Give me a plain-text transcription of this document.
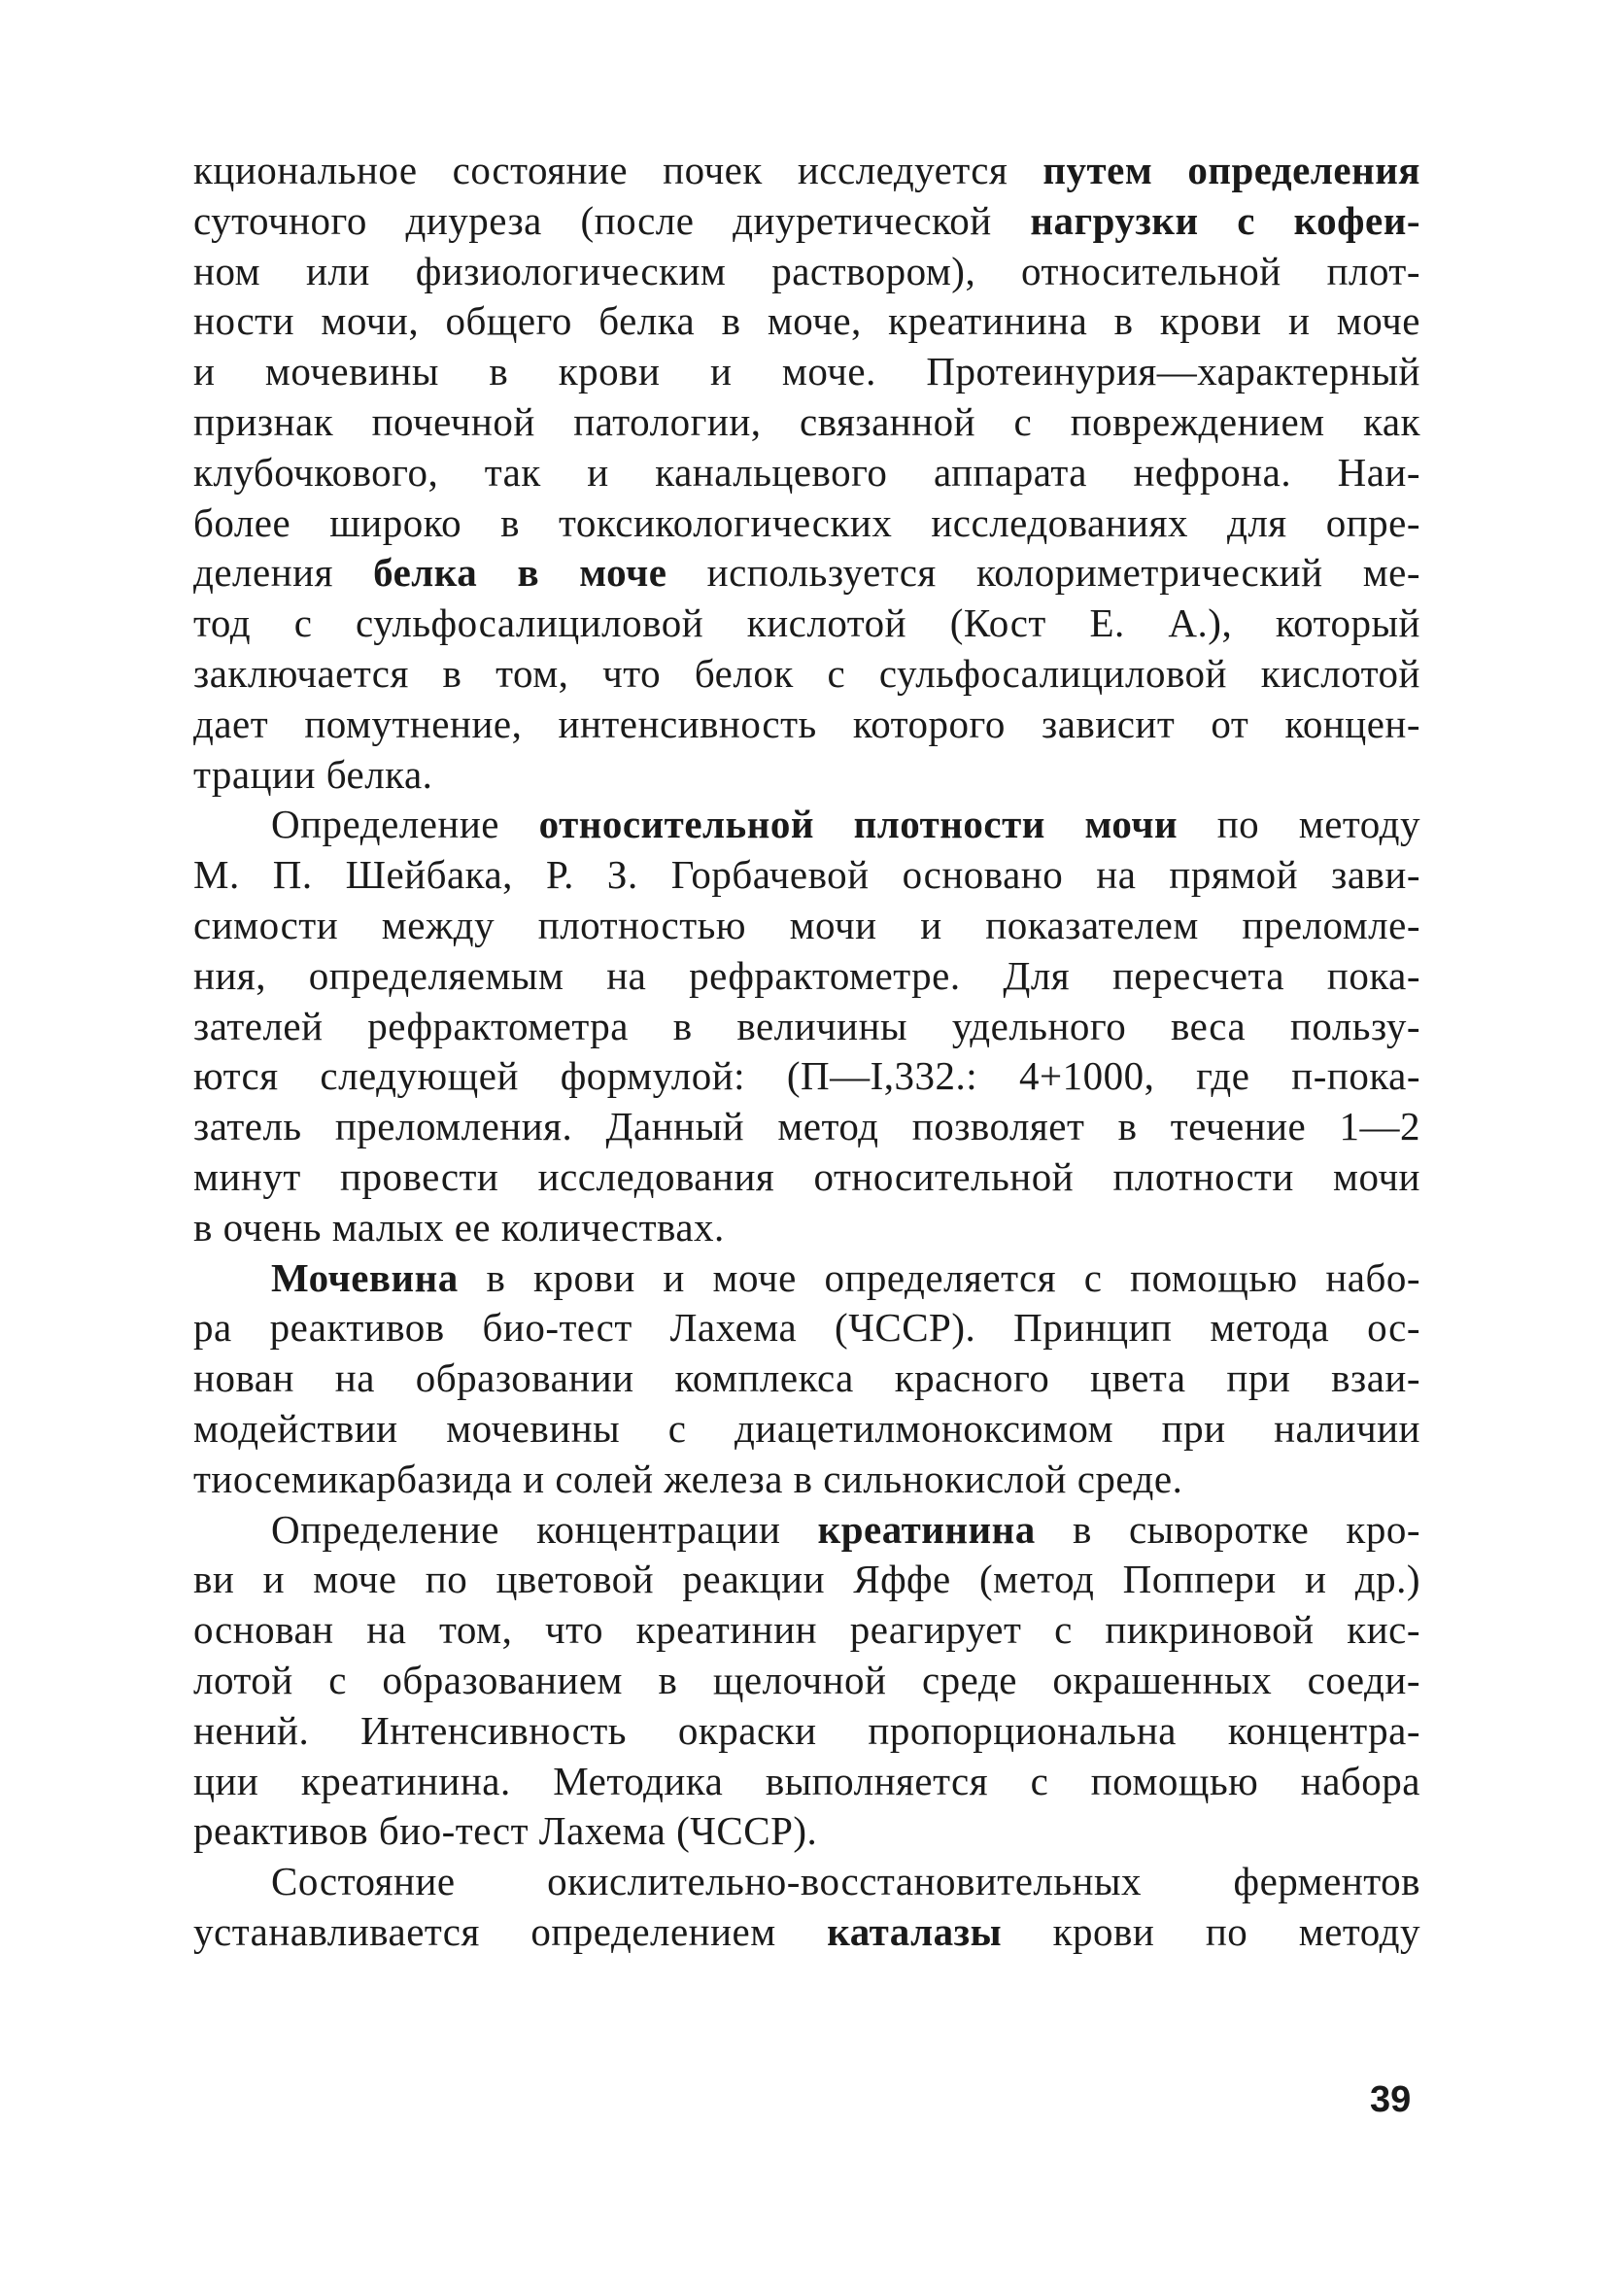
кциональное состояние почек исследуется путем определения
суточного диуреза (после диуретической нагрузки с кофеи-
ном или физиологическим раствором), относительной плот-
ности мочи, общего белка в моче, креатинина в крови и моче
и мочевины в крови и моче. Протеинурия—характерный
признак почечной патологии, связанной с повреждением как
клубочкового, так и канальцевого аппарата нефрона. Наи-
более широко в токсикологических исследованиях для опре-
деления белка в моче используется колориметрический ме-
тод с сульфосалициловой кислотой (Кост Е. А.), который
заключается в том, что белок с сульфосалициловой кислотой
дает помутнение, интенсивность которого зависит от концен-
трации белка.

Определение относительной плотности мочи по методу
М. П. Шейбака, Р. З. Горбачевой основано на прямой зави-
симости между плотностью мочи и показателем преломле-
ния, определяемым на рефрактометре. Для пересчета пока-
зателей рефрактометра в величины удельного веса пользу-
ются следующей формулой: (П—I,332.: 4+1000, где п-пока-
затель преломления. Данный метод позволяет в течение 1—2
минут провести исследования относительной плотности мочи
в очень малых ее количествах.

Мочевина в крови и моче определяется с помощью набо-
ра реактивов био-тест Лахема (ЧССР). Принцип метода ос-
нован на образовании комплекса красного цвета при взаи-
модействии мочевины с диацетилмоноксимом при наличии
тиосемикарбазида и солей железа в сильнокислой среде.

Определение концентрации креатинина в сыворотке кро-
ви и моче по цветовой реакции Яффе (метод Поппери и др.)
основан на том, что креатинин реагирует с пикриновой кис-
лотой с образованием в щелочной среде окрашенных соеди-
нений. Интенсивность окраски пропорциональна концентра-
ции креатинина. Методика выполняется с помощью набора
реактивов био-тест Лахема (ЧССР).

Состояние окислительно-восстановительных ферментов
устанавливается определением каталазы крови по методу

39
